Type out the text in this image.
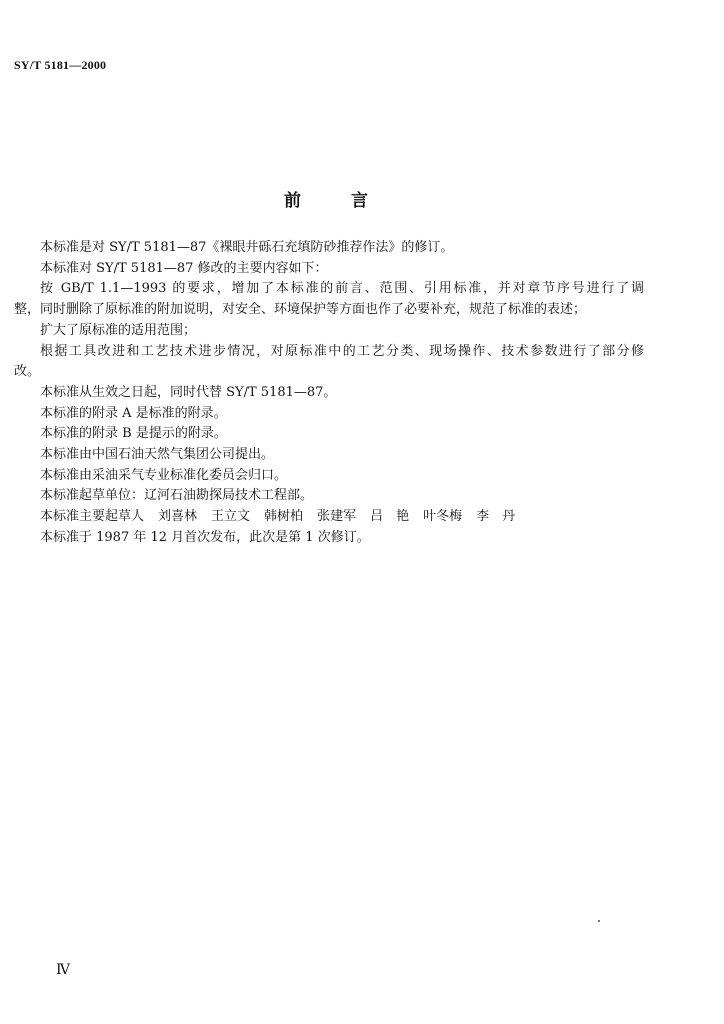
SY/T 5181—2000
前	言

本标准是对 SY/T 5181—87《裸眼井砾石充填防砂推荐作法》的修订。

本标准对 SY/T 5181—87 修改的主要内容如下：

按 GB/T 1.1—1993 的要求，增加了本标准的前言、范围、引用标准，并对章节序号进行了调

整，同时删除了原标准的附加说明，对安全、环境保护等方面也作了必要补充，规范了标准的表述；

扩大了原标准的适用范围；

根据工具改进和工艺技术进步情况，对原标准中的工艺分类、现场操作、技术参数进行了部分修

改。

本标准从生效之日起，同时代替 SY/T 5181—87。

本标准的附录 A 是标准的附录。

本标准的附录 B 是提示的附录。

本标准由中国石油天然气集团公司提出。

本标准由采油采气专业标准化委员会归口。

本标准起草单位：辽河石油勘探局技术工程部。

本标准主要起草人 刘喜林 王立文 韩树柏 张建军 吕　艳 叶冬梅 李　丹

本标准于 1987 年 12 月首次发布，此次是第 1 次修订。

Ⅳ
